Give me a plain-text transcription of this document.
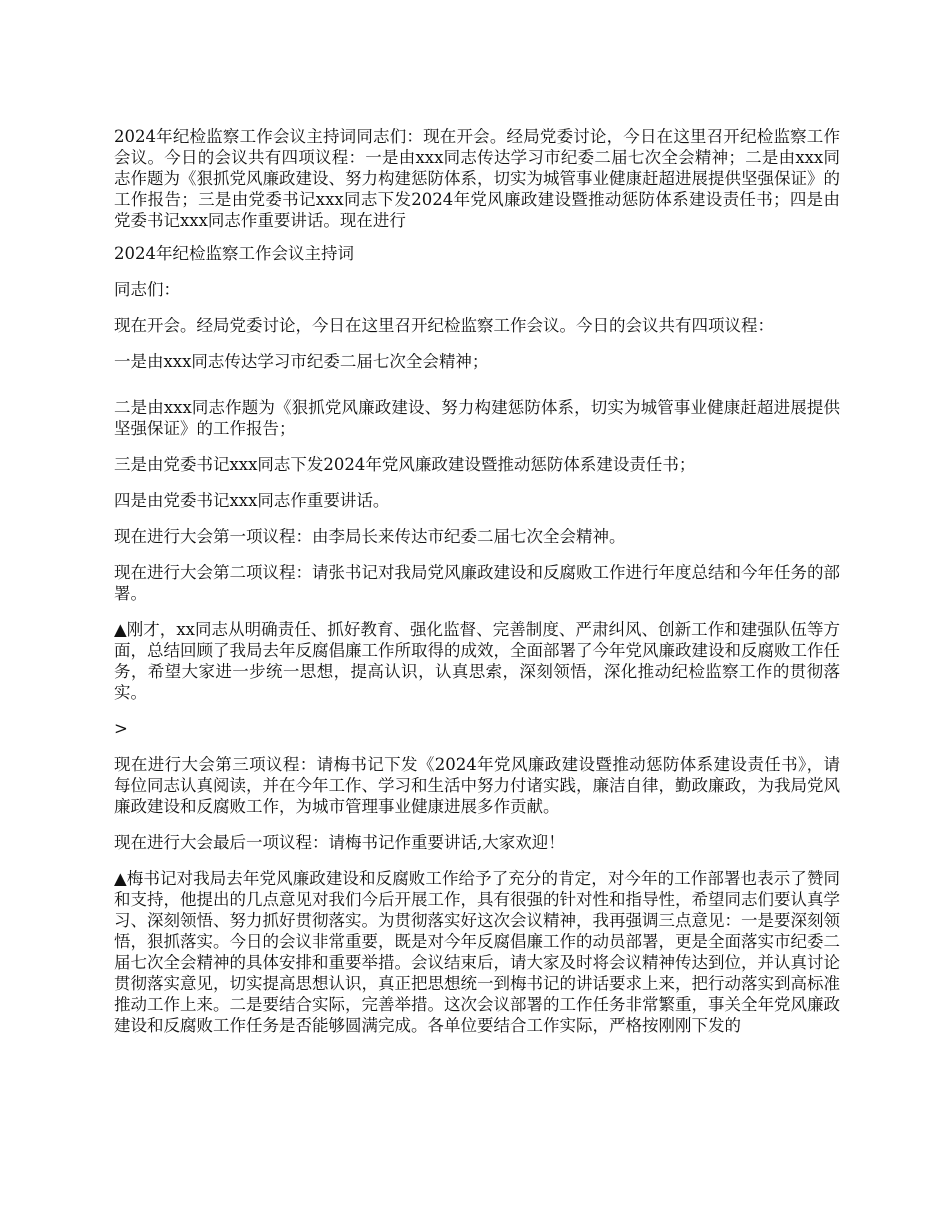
2024年纪检监察工作会议主持词同志们：现在开会。经局党委讨论，今日在这里召开纪检监察工作会议。今日的会议共有四项议程：一是由xxx同志传达学习市纪委二届七次全会精神；二是由xxx同志作题为《狠抓党风廉政建设、努力构建惩防体系，切实为城管事业健康赶超进展提供坚强保证》的工作报告；三是由党委书记xxx同志下发2024年党风廉政建设暨推动惩防体系建设责任书；四是由党委书记xxx同志作重要讲话。现在进行

2024年纪检监察工作会议主持词

同志们：

现在开会。经局党委讨论，今日在这里召开纪检监察工作会议。今日的会议共有四项议程：

一是由xxx同志传达学习市纪委二届七次全会精神；

二是由xxx同志作题为《狠抓党风廉政建设、努力构建惩防体系，切实为城管事业健康赶超进展提供坚强保证》的工作报告；

三是由党委书记xxx同志下发2024年党风廉政建设暨推动惩防体系建设责任书；

四是由党委书记xxx同志作重要讲话。

现在进行大会第一项议程：由李局长来传达市纪委二届七次全会精神。

现在进行大会第二项议程：请张书记对我局党风廉政建设和反腐败工作进行年度总结和今年任务的部署。

▲刚才，xx同志从明确责任、抓好教育、强化监督、完善制度、严肃纠风、创新工作和建强队伍等方面，总结回顾了我局去年反腐倡廉工作所取得的成效，全面部署了今年党风廉政建设和反腐败工作任务，希望大家进一步统一思想，提高认识，认真思索，深刻领悟，深化推动纪检监察工作的贯彻落实。

>

现在进行大会第三项议程：请梅书记下发《2024年党风廉政建设暨推动惩防体系建设责任书》，请每位同志认真阅读，并在今年工作、学习和生活中努力付诸实践，廉洁自律，勤政廉政，为我局党风廉政建设和反腐败工作，为城市管理事业健康进展多作贡献。

现在进行大会最后一项议程：请梅书记作重要讲话,大家欢迎！

▲梅书记对我局去年党风廉政建设和反腐败工作给予了充分的肯定，对今年的工作部署也表示了赞同和支持，他提出的几点意见对我们今后开展工作，具有很强的针对性和指导性，希望同志们要认真学习、深刻领悟、努力抓好贯彻落实。为贯彻落实好这次会议精神，我再强调三点意见：一是要深刻领悟，狠抓落实。今日的会议非常重要，既是对今年反腐倡廉工作的动员部署，更是全面落实市纪委二届七次全会精神的具体安排和重要举措。会议结束后，请大家及时将会议精神传达到位，并认真讨论贯彻落实意见，切实提高思想认识，真正把思想统一到梅书记的讲话要求上来，把行动落实到高标准推动工作上来。二是要结合实际，完善举措。这次会议部署的工作任务非常繁重，事关全年党风廉政建设和反腐败工作任务是否能够圆满完成。各单位要结合工作实际，严格按刚刚下发的
